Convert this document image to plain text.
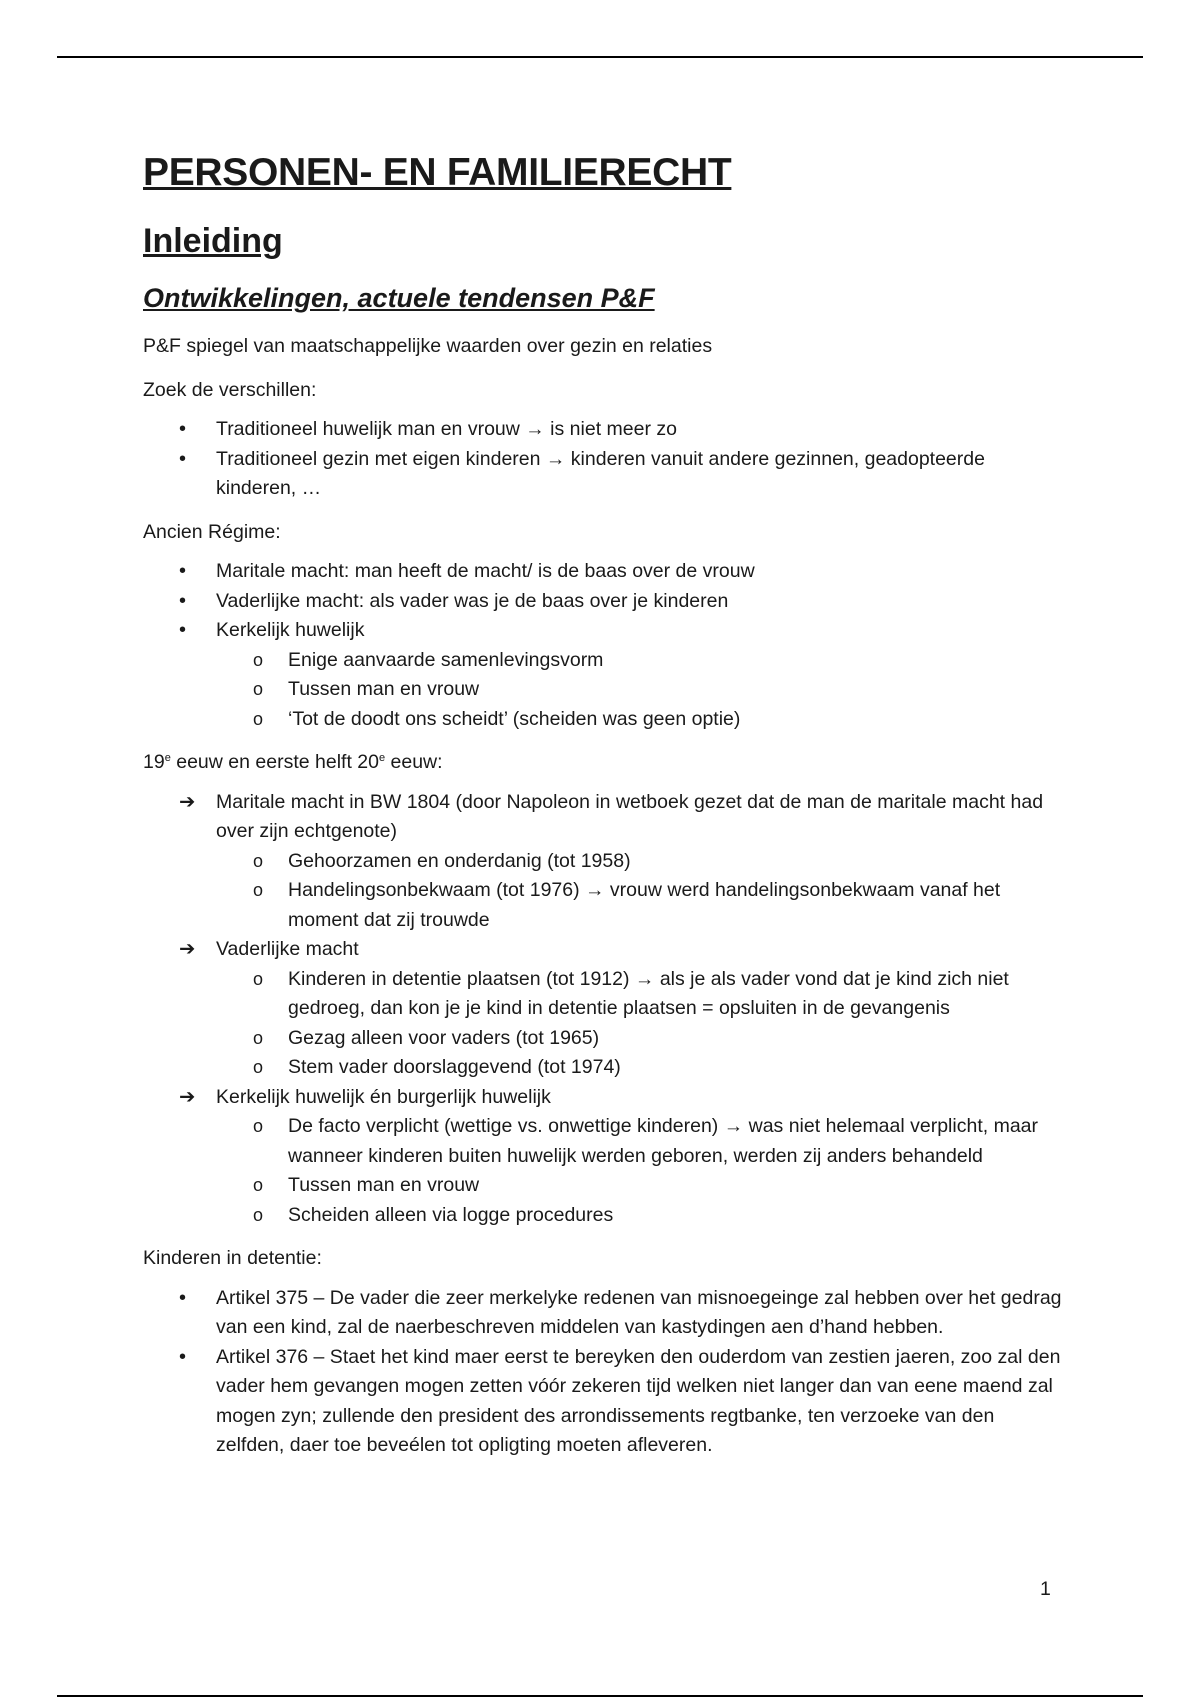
PERSONEN- EN FAMILIERECHT
Inleiding
Ontwikkelingen, actuele tendensen P&F

P&F spiegel van maatschappelijke waarden over gezin en relaties

Zoek de verschillen:

•	Traditioneel huwelijk man en vrouw → is niet meer zo
•	Traditioneel gezin met eigen kinderen → kinderen vanuit andere gezinnen, geadopteerde kinderen, …

Ancien Régime:

•	Maritale macht: man heeft de macht/ is de baas over de vrouw
•	Vaderlijke macht: als vader was je de baas over je kinderen
•	Kerkelijk huwelijk
o	Enige aanvaarde samenlevingsvorm
o	Tussen man en vrouw
o	‘Tot de doodt ons scheidt’ (scheiden was geen optie)

19e eeuw en eerste helft 20e eeuw:

➔	Maritale macht in BW 1804 (door Napoleon in wetboek gezet dat de man de maritale macht had over zijn echtgenote)
o	Gehoorzamen en onderdanig (tot 1958)
o	Handelingsonbekwaam (tot 1976) → vrouw werd handelingsonbekwaam vanaf het moment dat zij trouwde
➔	Vaderlijke macht
o	Kinderen in detentie plaatsen (tot 1912) → als je als vader vond dat je kind zich niet gedroeg, dan kon je je kind in detentie plaatsen = opsluiten in de gevangenis
o	Gezag alleen voor vaders (tot 1965)
o	Stem vader doorslaggevend (tot 1974)
➔	Kerkelijk huwelijk én burgerlijk huwelijk
o	De facto verplicht (wettige vs. onwettige kinderen) → was niet helemaal verplicht, maar wanneer kinderen buiten huwelijk werden geboren, werden zij anders behandeld
o	Tussen man en vrouw
o	Scheiden alleen via logge procedures

Kinderen in detentie:

•	Artikel 375 – De vader die zeer merkelyke redenen van misnoegeinge zal hebben over het gedrag van een kind, zal de naerbeschreven middelen van kastydingen aen d’hand hebben.
•	Artikel 376 – Staet het kind maer eerst te bereyken den ouderdom van zestien jaeren, zoo zal den vader hem gevangen mogen zetten vóór zekeren tijd welken niet langer dan van eene maend zal mogen zyn; zullende den president des arrondissements regtbanke, ten verzoeke van den zelfden, daer toe beveélen tot opligting moeten afleveren.
1
